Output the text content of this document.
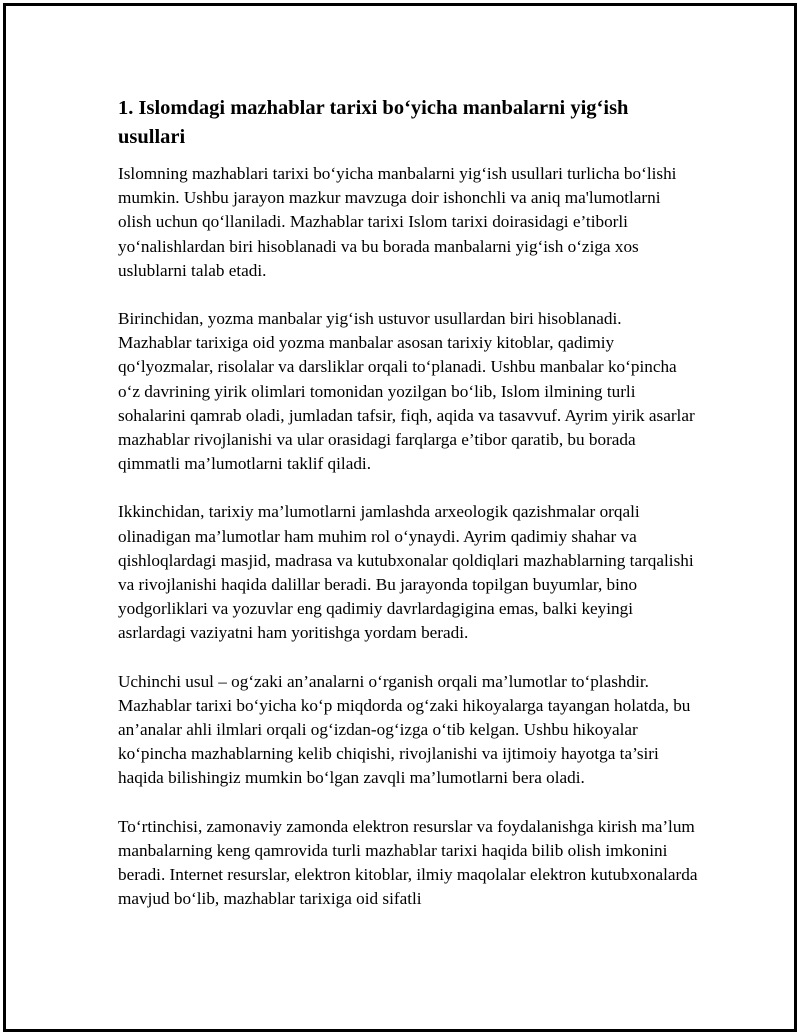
1. Islomdagi mazhablar tarixi bo‘yicha manbalarni yig‘ish usullari

Islomning mazhablari tarixi bo‘yicha manbalarni yig‘ish usullari turlicha bo‘lishi mumkin. Ushbu jarayon mazkur mavzuga doir ishonchli va aniq ma'lumotlarni olish uchun qo‘llaniladi. Mazhablar tarixi Islom tarixi doirasidagi e’tiborli yo‘nalishlardan biri hisoblanadi va bu borada manbalarni yig‘ish o‘ziga xos uslublarni talab etadi.

Birinchidan, yozma manbalar yig‘ish ustuvor usullardan biri hisoblanadi. Mazhablar tarixiga oid yozma manbalar asosan tarixiy kitoblar, qadimiy qo‘lyozmalar, risolalar va darsliklar orqali to‘planadi. Ushbu manbalar ko‘pincha o‘z davrining yirik olimlari tomonidan yozilgan bo‘lib, Islom ilmining turli sohalarini qamrab oladi, jumladan tafsir, fiqh, aqida va tasavvuf. Ayrim yirik asarlar mazhablar rivojlanishi va ular orasidagi farqlarga e’tibor qaratib, bu borada qimmatli ma’lumotlarni taklif qiladi.

Ikkinchidan, tarixiy ma’lumotlarni jamlashda arxeologik qazishmalar orqali olinadigan ma’lumotlar ham muhim rol o‘ynaydi. Ayrim qadimiy shahar va qishloqlardagi masjid, madrasa va kutubxonalar qoldiqlari mazhablarning tarqalishi va rivojlanishi haqida dalillar beradi. Bu jarayonda topilgan buyumlar, bino yodgorliklari va yozuvlar eng qadimiy davrlardagigina emas, balki keyingi asrlardagi vaziyatni ham yoritishga yordam beradi.

Uchinchi usul – og‘zaki an’analarni o‘rganish orqali ma’lumotlar to‘plashdir. Mazhablar tarixi bo‘yicha ko‘p miqdorda og‘zaki hikoyalarga tayangan holatda, bu an’analar ahli ilmlari orqali og‘izdan-og‘izga o‘tib kelgan. Ushbu hikoyalar ko‘pincha mazhablarning kelib chiqishi, rivojlanishi va ijtimoiy hayotga ta’siri haqida bilishingiz mumkin bo‘lgan zavqli ma’lumotlarni bera oladi.

To‘rtinchisi, zamonaviy zamonda elektron resurslar va foydalanishga kirish ma’lum manbalarning keng qamrovida turli mazhablar tarixi haqida bilib olish imkonini beradi. Internet resurslar, elektron kitoblar, ilmiy maqolalar elektron kutubxonalarda mavjud bo‘lib, mazhablar tarixiga oid sifatli
